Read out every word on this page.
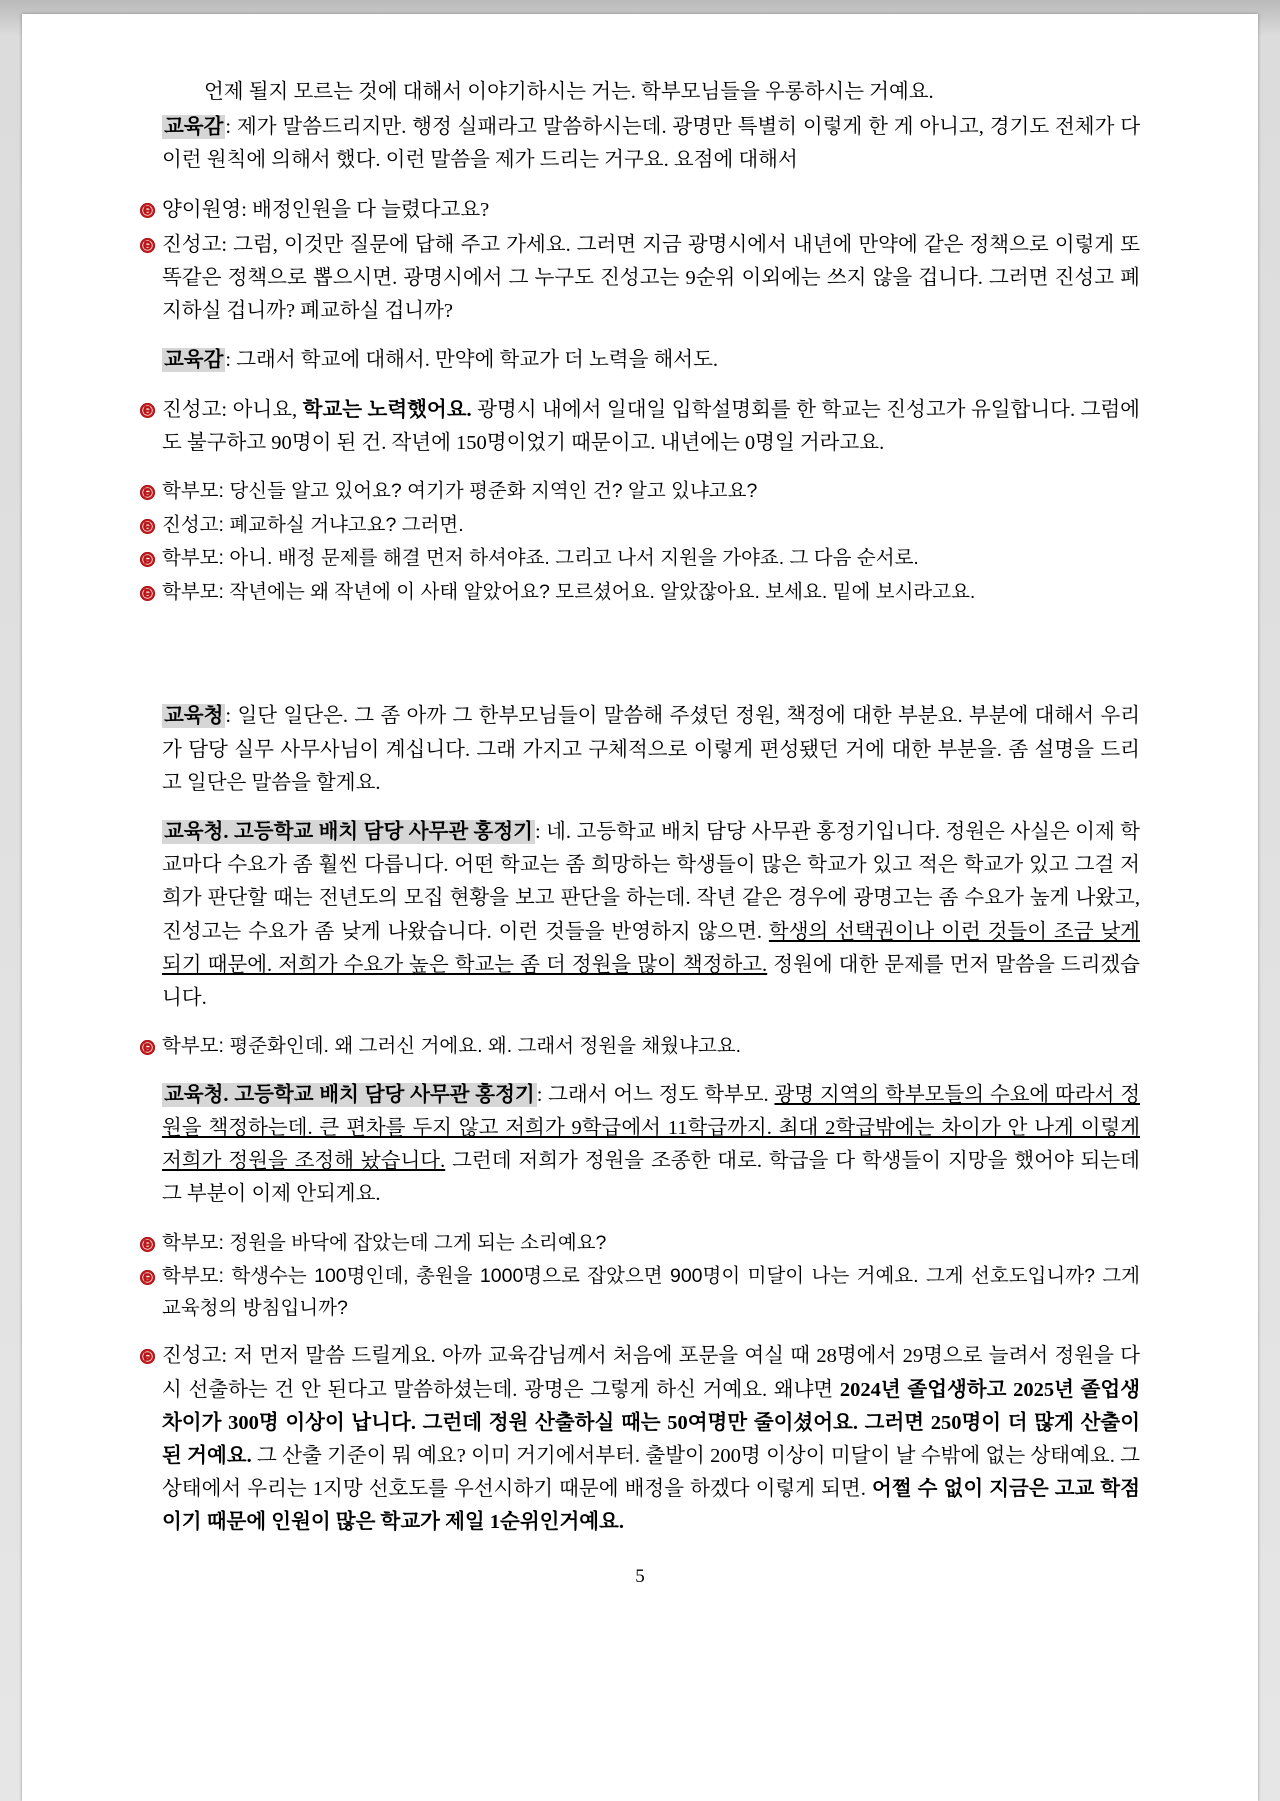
언제 될지 모르는 것에 대해서 이야기하시는 거는. 학부모님들을 우롱하시는 거예요.
교육감: 제가 말씀드리지만. 행정 실패라고 말씀하시는데. 광명만 특별히 이렇게 한 게 아니고, 경기도 전체가 다 이런 원칙에 의해서 했다. 이런 말씀을 제가 드리는 거구요. 요점에 대해서
양이원영: 배정인원을 다 늘렸다고요?
진성고: 그럼, 이것만 질문에 답해 주고 가세요. 그러면 지금 광명시에서 내년에 만약에 같은 정책으로 이렇게 또 똑같은 정책으로 뽑으시면. 광명시에서 그 누구도 진성고는 9순위 이외에는 쓰지 않을 겁니다. 그러면 진성고 폐지하실 겁니까? 폐교하실 겁니까?
교육감: 그래서 학교에 대해서. 만약에 학교가 더 노력을 해서도.
진성고: 아니요, 학교는 노력했어요. 광명시 내에서 일대일 입학설명회를 한 학교는 진성고가 유일합니다. 그럼에도 불구하고 90명이 된 건. 작년에 150명이었기 때문이고. 내년에는 0명일 거라고요.
학부모: 당신들 알고 있어요? 여기가 평준화 지역인 건? 알고 있냐고요?
진성고: 폐교하실 거냐고요? 그러면.
학부모: 아니. 배정 문제를 해결 먼저 하셔야죠. 그리고 나서 지원을 가야죠. 그 다음 순서로.
학부모: 작년에는 왜 작년에 이 사태 알았어요? 모르셨어요. 알았잖아요. 보세요. 밑에 보시라고요.
교육청: 일단 일단은. 그 좀 아까 그 한부모님들이 말씀해 주셨던 정원, 책정에 대한 부분요. 부분에 대해서 우리가 담당 실무 사무사님이 계십니다. 그래 가지고 구체적으로 이렇게 편성됐던 거에 대한 부분을. 좀 설명을 드리고 일단은 말씀을 할게요.
교육청. 고등학교 배치 담당 사무관 홍정기: 네. 고등학교 배치 담당 사무관 홍정기입니다. 정원은 사실은 이제 학교마다 수요가 좀 훨씬 다릅니다. 어떤 학교는 좀 희망하는 학생들이 많은 학교가 있고 적은 학교가 있고 그걸 저희가 판단할 때는 전년도의 모집 현황을 보고 판단을 하는데. 작년 같은 경우에 광명고는 좀 수요가 높게 나왔고, 진성고는 수요가 좀 낮게 나왔습니다. 이런 것들을 반영하지 않으면. 학생의 선택권이나 이런 것들이 조금 낮게 되기 때문에. 저희가 수요가 높은 학교는 좀 더 정원을 많이 책정하고. 정원에 대한 문제를 먼저 말씀을 드리겠습니다.
학부모: 평준화인데. 왜 그러신 거에요. 왜. 그래서 정원을 채웠냐고요.
교육청. 고등학교 배치 담당 사무관 홍정기: 그래서 어느 정도 학부모. 광명 지역의 학부모들의 수요에 따라서 정원을 책정하는데. 큰 편차를 두지 않고 저희가 9학급에서 11학급까지. 최대 2학급밖에는 차이가 안 나게 이렇게 저희가 정원을 조정해 놨습니다. 그런데 저희가 정원을 조종한 대로. 학급을 다 학생들이 지망을 했어야 되는데 그 부분이 이제 안되게요.
학부모: 정원을 바닥에 잡았는데 그게 되는 소리예요?
학부모: 학생수는 100명인데, 총원을 1000명으로 잡았으면 900명이 미달이 나는 거예요. 그게 선호도입니까? 그게 교육청의 방침입니까?
진성고: 저 먼저 말씀 드릴게요. 아까 교육감님께서 처음에 포문을 여실 때 28명에서 29명으로 늘려서 정원을 다시 선출하는 건 안 된다고 말씀하셨는데. 광명은 그렇게 하신 거예요. 왜냐면 2024년 졸업생하고 2025년 졸업생 차이가 300명 이상이 납니다. 그런데 정원 산출하실 때는 50여명만 줄이셨어요. 그러면 250명이 더 많게 산출이 된 거예요. 그 산출 기준이 뭐 예요? 이미 거기에서부터. 출발이 200명 이상이 미달이 날 수밖에 없는 상태예요. 그 상태에서 우리는 1지망 선호도를 우선시하기 때문에 배정을 하겠다 이렇게 되면. 어쩔 수 없이 지금은 고교 학점이기 때문에 인원이 많은 학교가 제일 1순위인거예요.
5
